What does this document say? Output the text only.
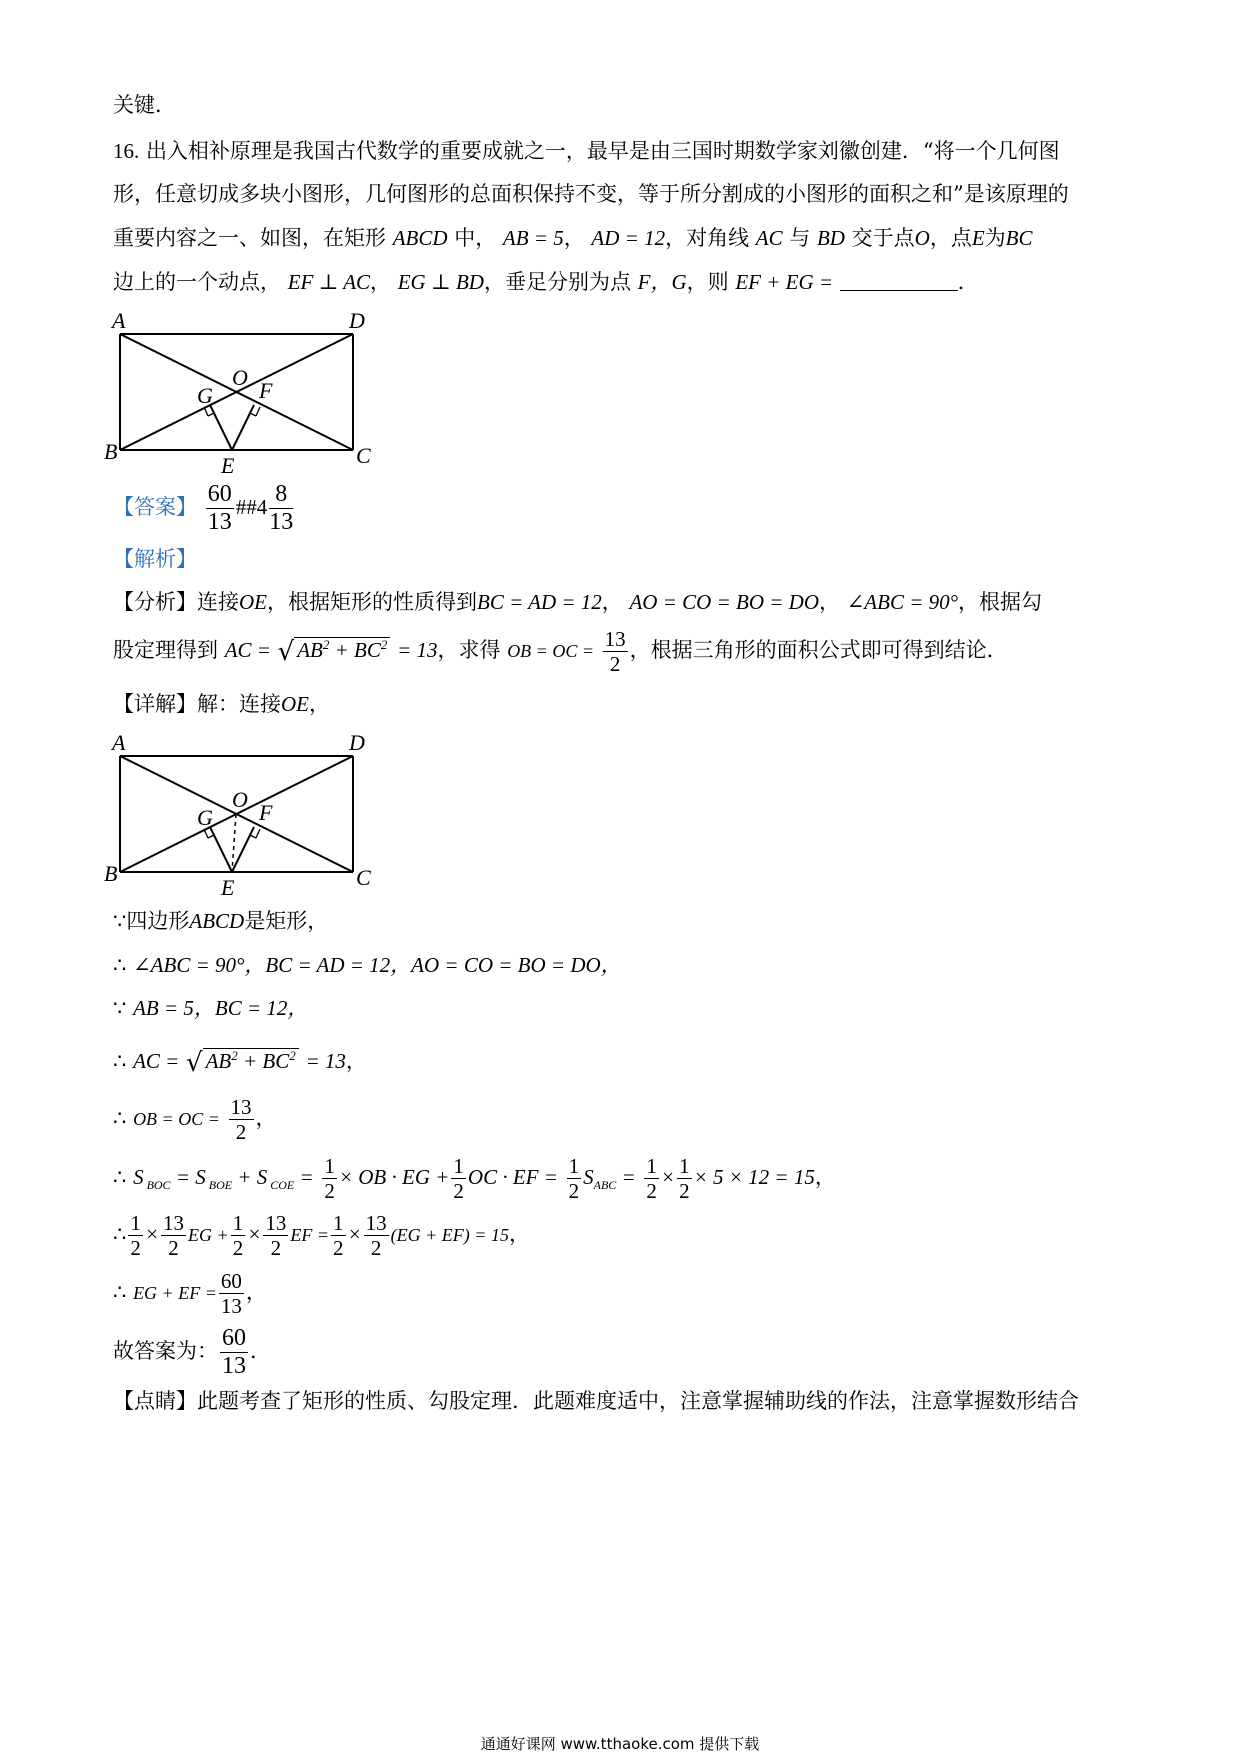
关键．
16. 出入相补原理是我国古代数学的重要成就之一，最早是由三国时期数学家刘徽创建．“将一个几何图
形，任意切成多块小图形，几何图形的总面积保持不变，等于所分割成的小图形的面积之和”是该原理的
重要内容之一、如图，在矩形 ABCD 中， AB = 5， AD = 12，对角线 AC 与 BD 交于点O，点E为BC
边上的一个动点， EF ⊥ AC， EG ⊥ BD，垂足分别为点 F，G，则 EF + EG =	．
A	D
B	C
O
G F
E
【答案】 $\frac{60}{13}$ ##4 $\frac{8}{13}$
【解析】
【分析】连接OE，根据矩形的性质得到BC = AD = 12， AO = CO = BO = DO， ∠ABC = 90°，根据勾
股定理得到 AC = √ $AB^2 + BC^2 = 13$，求得 OB = OC = $\frac{13}{2}$ ，根据三角形的面积公式即可得到结论．
【详解】解：连接OE，
A	D
B	C
O
G F
E
∵四边形ABCD是矩形，
∴ ∠ABC = 90°，BC = AD = 12，AO = CO = BO = DO，
∵ AB = 5，BC = 12，
∴ AC = √ $AB^2 + BC^2 = 13$，
∴ OB = OC = $\frac{13}{2}$ ，
∴ S $_{BOC}$ = S $_{BOE}$ + S $_{COE} = \frac{1}{2}$ × OB · EG + $\frac{1}{2}$ OC · EF = $\frac{1}{2} S_{ABC} = \frac{1}{2} \times \frac{1}{2} \times 5 \times 12 = 15$，
∴ $\frac{1}{2} \times \frac{13}{2}$ EG + $\frac{1}{2} \times \frac{13}{2}$ EF = $\frac{1}{2} \times \frac{13}{2} (EG + EF) = 15$，
∴ EG + EF = $\frac{60}{13}$ ，
故答案为： $\frac{60}{13}$ ．
【点睛】此题考查了矩形的性质、勾股定理．此题难度适中，注意掌握辅助线的作法，注意掌握数形结合
通通好课网 www.tthaoke.com 提供下载
